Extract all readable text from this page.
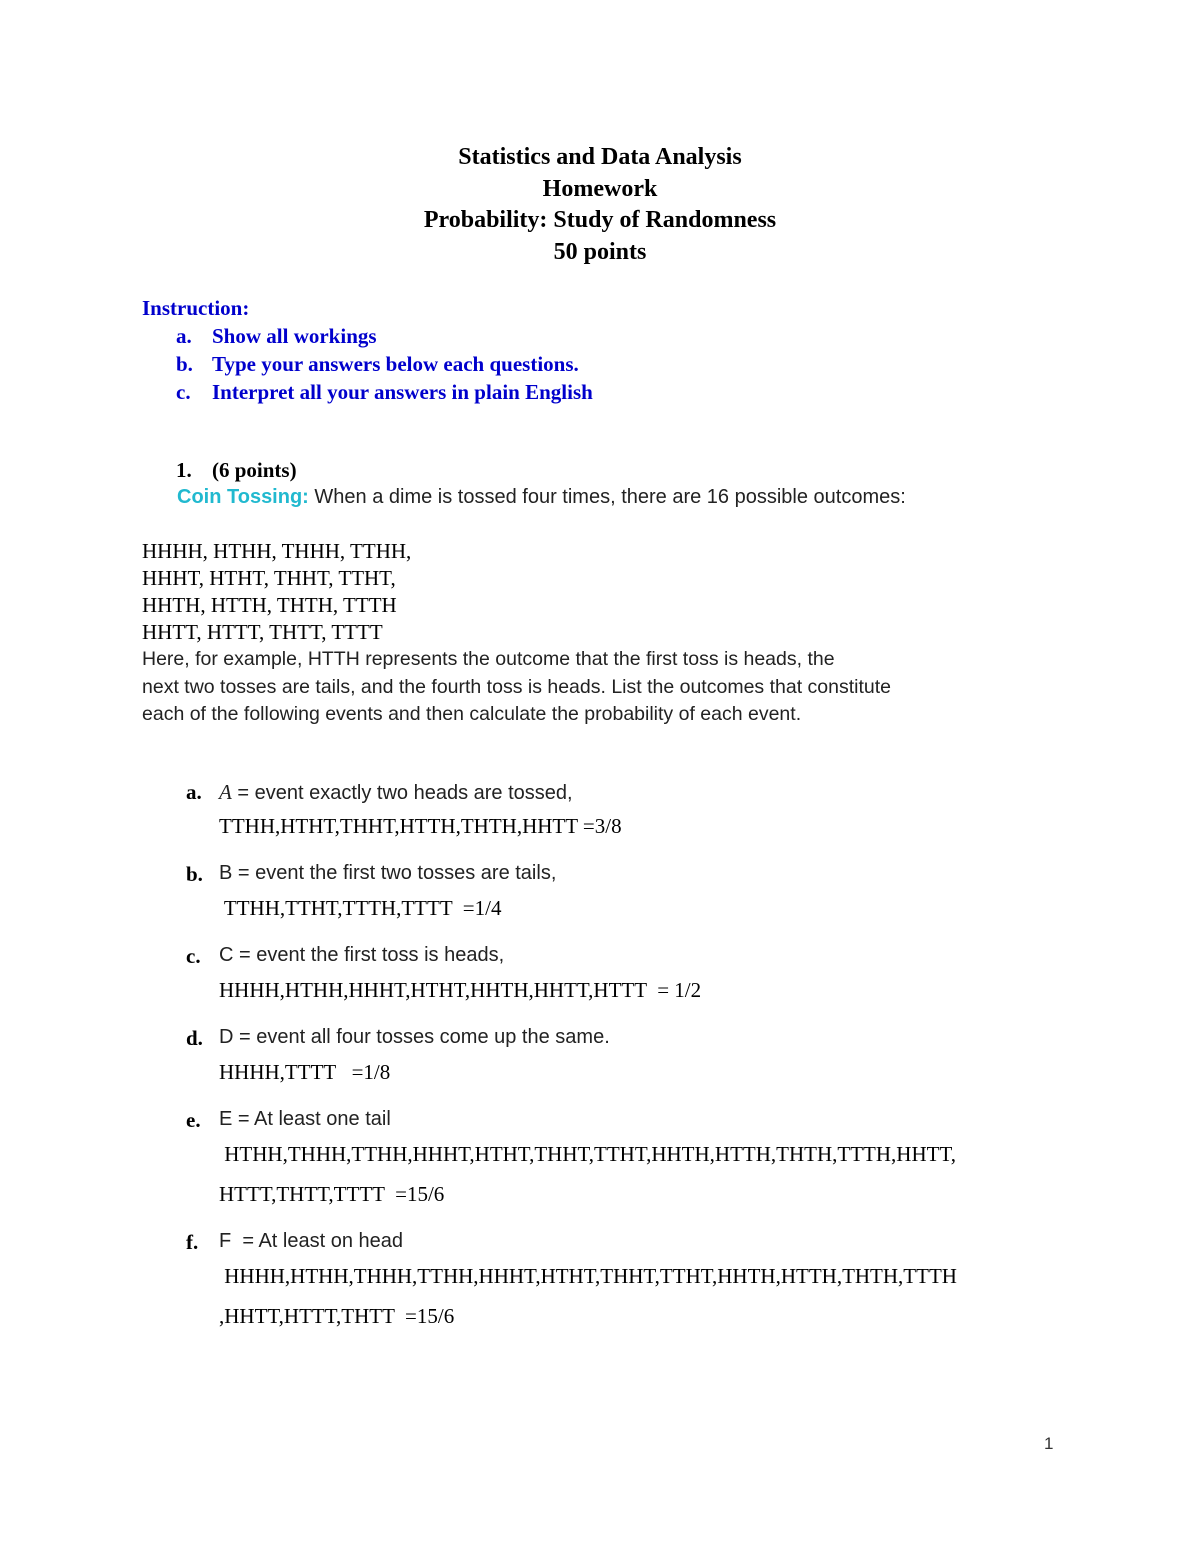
Statistics and Data Analysis
Homework
Probability: Study of Randomness
50 points
Instruction:
a. Show all workings
b. Type your answers below each questions.
c. Interpret all your answers in plain English
1. (6 points)
Coin Tossing: When a dime is tossed four times, there are 16 possible outcomes:
HHHH, HTHH, THHH, TTHH,
HHHT, HTHT, THHT, TTHT,
HHTH, HTTH, THTH, TTTH
HHTT, HTTT, THTT, TTTT
Here, for example, HTTH represents the outcome that the first toss is heads, the
next two tosses are tails, and the fourth toss is heads. List the outcomes that constitute
each of the following events and then calculate the probability of each event.
a. A = event exactly two heads are tossed,
TTHH,HTHT,THHT,HTTH,THTH,HHTT =3/8
b. B = event the first two tosses are tails,
TTHH,TTHT,TTTH,TTTT  =1/4
c. C = event the first toss is heads,
HHHH,HTHH,HHHT,HTHT,HHTH,HHTT,HTTT  = 1/2
d. D = event all four tosses come up the same.
HHHH,TTTT   =1/8
e. E = At least one tail
HTHH,THHH,TTHH,HHHT,HTHT,THHT,TTHT,HHTH,HTTH,THTH,TTTH,HHTT,
HTTT,THTT,TTTT  =15/6
f. F  = At least on head
HHHH,HTHH,THHH,TTHH,HHHT,HTHT,THHT,TTHT,HHTH,HTTH,THTH,TTTH
,HHTT,HTTT,THTT  =15/6
1
